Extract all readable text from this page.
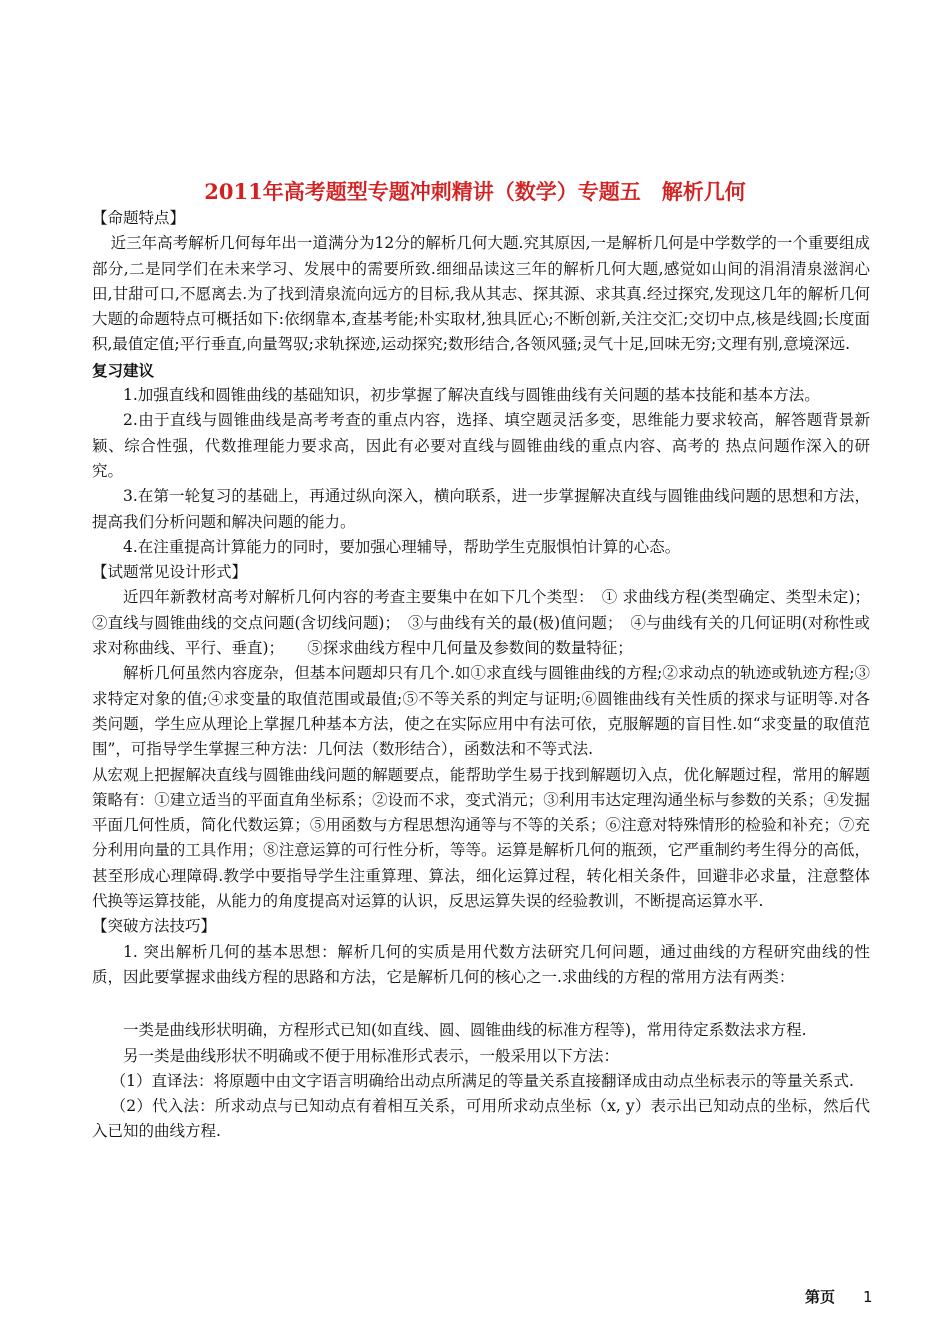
2011年高考题型专题冲刺精讲（数学）专题五　解析几何

【命题特点】

近三年高考解析几何每年出一道满分为12分的解析几何大题.究其原因,一是解析几何是中学数学的一个重要组成部分,二是同学们在未来学习、发展中的需要所致.细细品读这三年的解析几何大题,感觉如山间的涓涓清泉滋润心田,甘甜可口,不愿离去.为了找到清泉流向远方的目标,我从其志、探其源、求其真.经过探究,发现这几年的解析几何大题的命题特点可概括如下:依纲靠本,查基考能;朴实取材,独具匠心;不断创新,关注交汇;交切中点,核是线圆;长度面积,最值定值;平行垂直,向量驾驭;求轨探迹,运动探究;数形结合,各领风骚;灵气十足,回味无穷;文理有别,意境深远.

复习建议

1.加强直线和圆锥曲线的基础知识，初步掌握了解决直线与圆锥曲线有关问题的基本技能和基本方法。

2.由于直线与圆锥曲线是高考考查的重点内容，选择、填空题灵活多变，思维能力要求较高，解答题背景新颖、综合性强，代数推理能力要求高，因此有必要对直线与圆锥曲线的重点内容、高考的 热点问题作深入的研究。

3.在第一轮复习的基础上，再通过纵向深入，横向联系，进一步掌握解决直线与圆锥曲线问题的思想和方法，提高我们分析问题和解决问题的能力。

4.在注重提高计算能力的同时，要加强心理辅导，帮助学生克服惧怕计算的心态。

【试题常见设计形式】

近四年新教材高考对解析几何内容的考查主要集中在如下几个类型：　① 求曲线方程(类型确定、类型未定)；②直线与圆锥曲线的交点问题(含切线问题)；　③与曲线有关的最(极)值问题；　④与曲线有关的几何证明(对称性或求对称曲线、平行、垂直)；　　⑤探求曲线方程中几何量及参数间的数量特征；

解析几何虽然内容庞杂，但基本问题却只有几个.如①求直线与圆锥曲线的方程;②求动点的轨迹或轨迹方程;③求特定对象的值;④求变量的取值范围或最值;⑤不等关系的判定与证明;⑥圆锥曲线有关性质的探求与证明等.对各类问题，学生应从理论上掌握几种基本方法，使之在实际应用中有法可依，克服解题的盲目性.如“求变量的取值范围”，可指导学生掌握三种方法：几何法（数形结合），函数法和不等式法.

从宏观上把握解决直线与圆锥曲线问题的解题要点，能帮助学生易于找到解题切入点，优化解题过程，常用的解题策略有：①建立适当的平面直角坐标系；②设而不求，变式消元；③利用韦达定理沟通坐标与参数的关系；④发掘平面几何性质，简化代数运算；⑤用函数与方程思想沟通等与不等的关系；⑥注意对特殊情形的检验和补充；⑦充分利用向量的工具作用；⑧注意运算的可行性分析，等等。运算是解析几何的瓶颈，它严重制约考生得分的高低，甚至形成心理障碍.教学中要指导学生注重算理、算法，细化运算过程，转化相关条件，回避非必求量，注意整体代换等运算技能，从能力的角度提高对运算的认识，反思运算失误的经验教训，不断提高运算水平.

【突破方法技巧】

1. 突出解析几何的基本思想：解析几何的实质是用代数方法研究几何问题，通过曲线的方程研究曲线的性质，因此要掌握求曲线方程的思路和方法，它是解析几何的核心之一.求曲线的方程的常用方法有两类：

一类是曲线形状明确，方程形式已知(如直线、圆、圆锥曲线的标准方程等)，常用待定系数法求方程.

另一类是曲线形状不明确或不便于用标准形式表示，一般采用以下方法：

（1）直译法：将原题中由文字语言明确给出动点所满足的等量关系直接翻译成由动点坐标表示的等量关系式.

（2）代入法：所求动点与已知动点有着相互关系，可用所求动点坐标（x, y）表示出已知动点的坐标，然后代入已知的曲线方程.

第页 1
